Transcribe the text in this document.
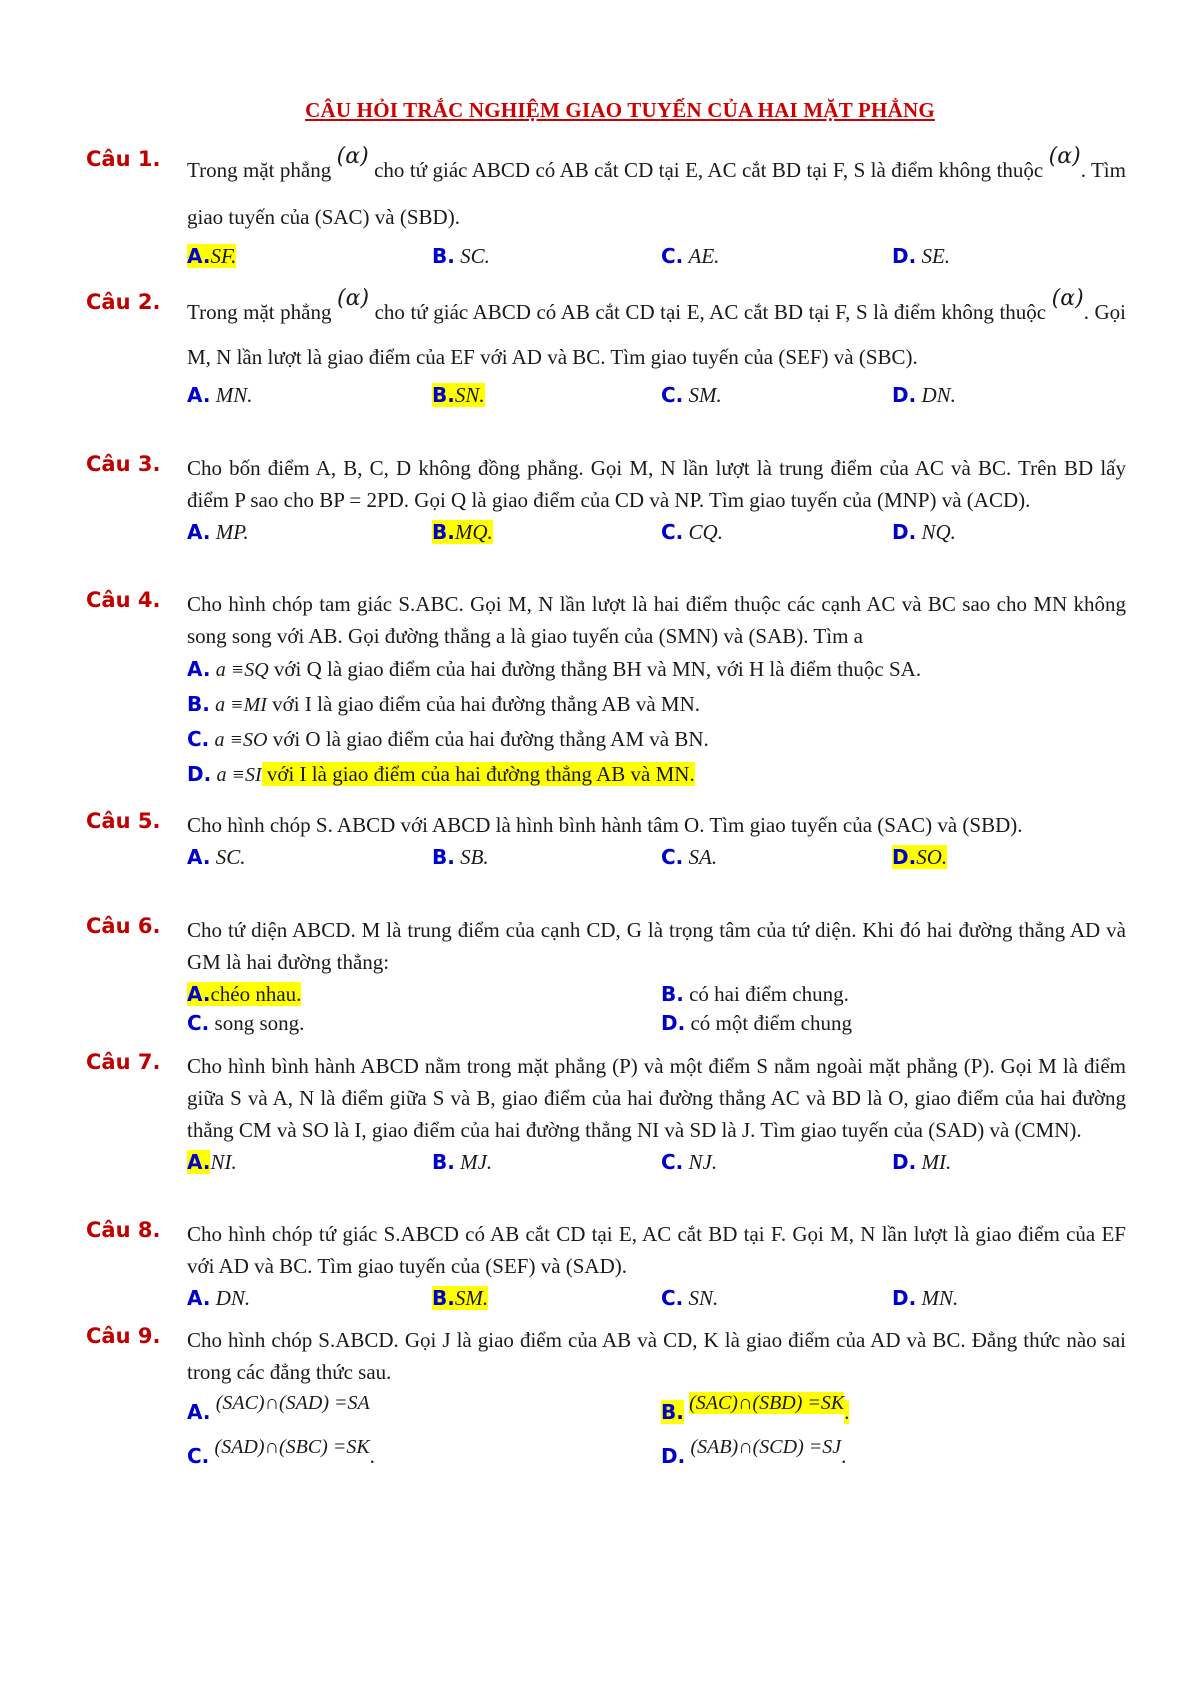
CÂU HỎI TRẮC NGHIỆM GIAO TUYẾN CỦA HAI MẶT PHẲNG
Câu 1.	Trong mặt phẳng (α) cho tứ giác ABCD có AB cắt CD tại E, AC cắt BD tại F, S là điểm không thuộc (α). Tìm giao tuyến của (SAC) và (SBD).
A.SF.	B. SC.	C. AE.	D. SE.
Câu 2.	Trong mặt phẳng (α) cho tứ giác ABCD có AB cắt CD tại E, AC cắt BD tại F, S là điểm không thuộc (α). Gọi M, N lần lượt là giao điểm của EF với AD và BC. Tìm giao tuyến của (SEF) và (SBC).
A. MN.	B.SN.	C. SM.	D. DN.
Câu 3.	Cho bốn điểm A, B, C, D không đồng phẳng. Gọi M, N lần lượt là trung điểm của AC và BC. Trên BD lấy điểm P sao cho BP = 2PD. Gọi Q là giao điểm của CD và NP. Tìm giao tuyến của (MNP) và (ACD).
A. MP.	B.MQ.	C. CQ.	D. NQ.
Câu 4.	Cho hình chóp tam giác S.ABC. Gọi M, N lần lượt là hai điểm thuộc các cạnh AC và BC sao cho MN không song song với AB. Gọi đường thẳng a là giao tuyến của (SMN) và (SAB). Tìm a
A. a ≡SQ với Q là giao điểm của hai đường thẳng BH và MN, với H là điểm thuộc SA.
B. a ≡MI với I là giao điểm của hai đường thẳng AB và MN.
C. a ≡SO với O là giao điểm của hai đường thẳng AM và BN.
D. a ≡SI với I là giao điểm của hai đường thẳng AB và MN.
Câu 5.	Cho hình chóp S. ABCD với ABCD là hình bình hành tâm O. Tìm giao tuyến của (SAC) và (SBD).
A. SC.	B. SB.	C. SA.	D.SO.
Câu 6.	Cho tứ diện ABCD. M là trung điểm của cạnh CD, G là trọng tâm của tứ diện. Khi đó hai đường thẳng AD và GM là hai đường thẳng:
A.chéo nhau.	B. có hai điểm chung.
C. song song.	D. có một điểm chung
Câu 7.	Cho hình bình hành ABCD nằm trong mặt phẳng (P) và một điểm S nằm ngoài mặt phẳng (P). Gọi M là điểm giữa S và A, N là điểm giữa S và B, giao điểm của hai đường thẳng AC và BD là O, giao điểm của hai đường thẳng CM và SO là I, giao điểm của hai đường thẳng NI và SD là J. Tìm giao tuyến của (SAD) và (CMN).
A.NI.	B. MJ.	C. NJ.	D. MI.
Câu 8.	Cho hình chóp tứ giác S.ABCD có AB cắt CD tại E, AC cắt BD tại F. Gọi M, N lần lượt là giao điểm của EF với AD và BC. Tìm giao tuyến của (SEF) và (SAD).
A. DN.	B.SM.	C. SN.	D. MN.
Câu 9.	Cho hình chóp S.ABCD. Gọi J là giao điểm của AB và CD, K là giao điểm của AD và BC. Đẳng thức nào sai trong các đẳng thức sau.
A. (SAC)∩(SAD) =SA	B. (SAC)∩(SBD) =SK.
C. (SAD)∩(SBC) =SK.	D. (SAB)∩(SCD) =SJ.
